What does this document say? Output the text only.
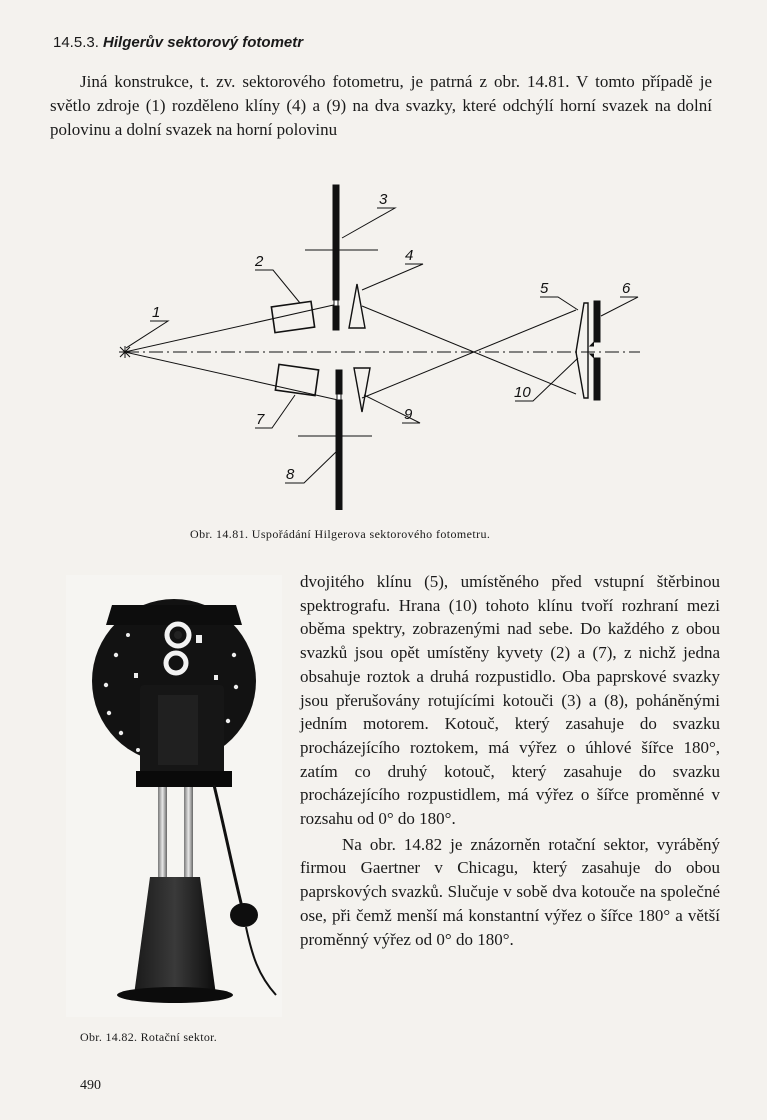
14.5.3. Hilgerův sektorový fotometr

Jiná konstrukce, t. zv. sektorového fotometru, je patrná z obr. 14.81. V tomto případě je světlo zdroje (1) rozděleno klíny (4) a (9) na dva svazky, které odchýlí horní svazek na dolní polovinu a dolní svazek na horní polovinu

1
2
3
4
5	6
7
8
9
10
Obr. 14.81. Uspořádání Hilgerova sektorového fotometru.
Obr. 14.82. Rotační sektor.

dvojitého klínu (5), umístěného před vstupní štěrbinou spektrografu. Hrana (10) tohoto klínu tvoří rozhraní mezi oběma spektry, zobrazenými nad sebe. Do každého z obou svazků jsou opět umístěny kyvety (2) a (7), z nichž jedna obsahuje roztok a druhá rozpustidlo. Oba paprskové svazky jsou přerušovány rotujícími kotouči (3) a (8), poháněnými jedním motorem. Kotouč, který zasahuje do svazku procházejícího roztokem, má výřez o úhlové šířce 180°, zatím co druhý kotouč, který zasahuje do svazku procházejícího rozpustidlem, má výřez o šířce proměnné v rozsahu od 0° do 180°.

Na obr. 14.82 je znázorněn rotační sektor, vyráběný firmou Gaertner v Chicagu, který zasahuje do obou paprskových svazků. Slučuje v sobě dva kotouče na společné ose, při čemž menší má konstantní výřez o šířce 180° a větší proměnný výřez od 0° do 180°.

490
